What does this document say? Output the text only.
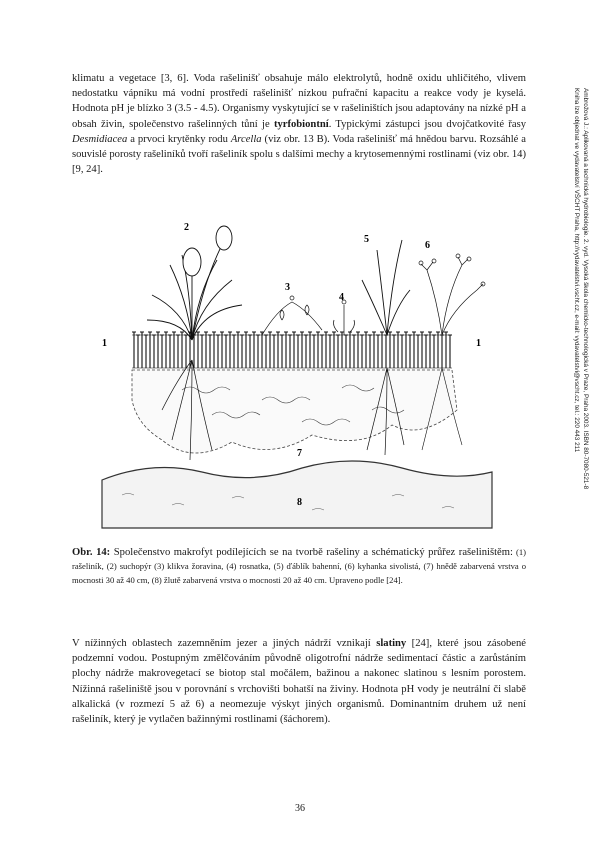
klimatu a vegetace [3, 6]. Voda rašelinišť obsahuje málo elektrolytů, hodně oxidu uhličitého, vlivem nedostatku vápníku má vodní prostředí rašelinišť nízkou pufrační kapacitu a reakce vody je kyselá. Hodnota pH je blízko 3 (3.5 - 4.5). Organismy vyskytující se v rašeliništích jsou adaptovány na nízké pH a obsah živin, společenstvo rašelinných tůní je tyrfobiontní. Typickými zástupci jsou dvojčatkovité řasy Desmidiacea a prvoci krytěnky rodu Arcella (viz obr. 13 B). Voda rašelinišť má hnědou barvu. Rozsáhlé a souvislé porosty rašeliníků tvoří rašeliník spolu s dalšími mechy a krytosemennými rostlinami (viz obr. 14) [9, 24].

1
2
3
4
5
6
1
7
8

Obr. 14: Společenstvo makrofyt podílejících se na tvorbě rašeliny a schématický průřez rašeliništěm: (1) rašeliník, (2) suchopýr (3) klikva žoravina, (4) rosnatka, (5) ďáblík bahenní, (6) kyhanka sivolistá, (7) hnědě zabarvená vrstva o mocnosti 30 až 40 cm, (8) žlutě zabarvená vrstva o mocnosti 20 až 40 cm. Upraveno podle [24].

V nížinných oblastech zazemněním jezer a jiných nádrží vznikají slatiny [24], které jsou zásobené podzemní vodou. Postupným změlčováním původně oligotrofní nádrže sedimentací částic a zarůstáním plochy nádrže makrovegetací se biotop stal močálem, bažinou a nakonec slatinou s lesním porostem. Nížinná rašeliniště jsou v porovnání s vrchovišti bohatší na živiny. Hodnota pH vody je neutrální či slabě alkalická (v rozmezí 5 až 6) a neomezuje výskyt jiných organismů. Dominantním druhem už není rašeliník, který je vytlačen bažinnými rostlinami (šáchorem).

Ambrožová J.: Aplikovaná a technická hydrobiologie. 2. vyd. Vysoká škola chemicko-technologická v Praze, Praha 2003. ISBN 80-7080-521-8
Kniha lze objednat ve vydavatelství VŠCHT Praha, http://vydavatelstvi.vscht.cz, e-mail: vydavatelstvi@vscht.cz, tel.: 220 443 211
36
